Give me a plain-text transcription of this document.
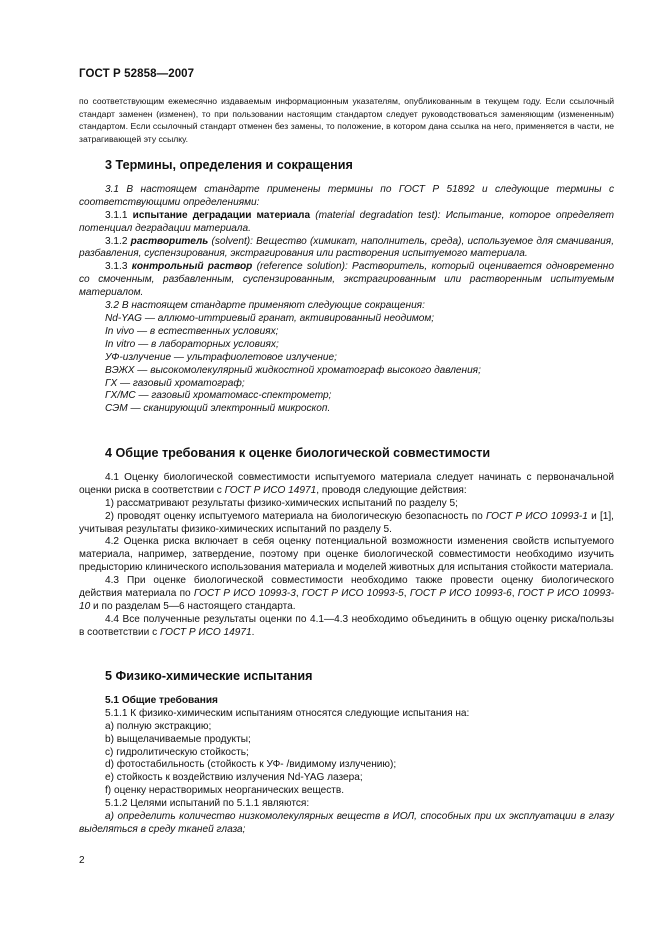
ГОСТ Р 52858—2007
по соответствующим ежемесячно издаваемым информационным указателям, опубликованным в текущем году. Если ссылочный стандарт заменен (изменен), то при пользовании настоящим стандартом следует руководствоваться заменяющим (измененным) стандартом. Если ссылочный стандарт отменен без замены, то положение, в котором дана ссылка на него, применяется в части, не затрагивающей эту ссылку.
3 Термины, определения и сокращения

3.1 В настоящем стандарте применены термины по ГОСТ Р 51892 и следующие термины с соответствующими определениями:

3.1.1 испытание деградации материала (material degradation test): Испытание, которое определяет потенциал деградации материала.

3.1.2 растворитель (solvent): Вещество (химикат, наполнитель, среда), используемое для смачивания, разбавления, суспензирования, экстрагирования или растворения испытуемого материала.

3.1.3 контрольный раствор (reference solution): Растворитель, который оценивается одновременно со смоченным, разбавленным, суспензированным, экстрагированным или растворенным испытуемым материалом.

3.2 В настоящем стандарте применяют следующие сокращения:

Nd-YAG — аллюмо-иттриевый гранат, активированный неодимом;

In vivo — в естественных условиях;

In vitro — в лабораторных условиях;

УФ-излучение — ультрафиолетовое излучение;

ВЭЖХ — высокомолекулярный жидкостной хроматограф высокого давления;

ГХ — газовый хроматограф;

ГХ/МС — газовый хроматомасс-спектрометр;

СЭМ — сканирующий электронный микроскоп.

4 Общие требования к оценке биологической совместимости

4.1 Оценку биологической совместимости испытуемого материала следует начинать с первоначальной оценки риска в соответствии с ГОСТ Р ИСО 14971, проводя следующие действия:

1) рассматривают результаты физико-химических испытаний по разделу 5;

2) проводят оценку испытуемого материала на биологическую безопасность по ГОСТ Р ИСО 10993-1 и [1], учитывая результаты физико-химических испытаний по разделу 5.

4.2 Оценка риска включает в себя оценку потенциальной возможности изменения свойств испытуемого материала, например, затвердение, поэтому при оценке биологической совместимости необходимо изучить предысторию клинического использования материала и моделей животных для испытания стойкости материала.

4.3 При оценке биологической совместимости необходимо также провести оценку биологического действия материала по ГОСТ Р ИСО 10993-3, ГОСТ Р ИСО 10993-5, ГОСТ Р ИСО 10993-6, ГОСТ Р ИСО 10993-10 и по разделам 5—6 настоящего стандарта.

4.4 Все полученные результаты оценки по 4.1—4.3 необходимо объединить в общую оценку риска/пользы в соответствии с ГОСТ Р ИСО 14971.

5 Физико-химические испытания

5.1 Общие требования

5.1.1 К физико-химическим испытаниям относятся следующие испытания на:

a) полную экстракцию;

b) выщелачиваемые продукты;

c) гидролитическую стойкость;

d) фотостабильность (стойкость к УФ- /видимому излучению);

e) стойкость к воздействию излучения Nd-YAG лазера;

f) оценку нерастворимых неорганических веществ.

5.1.2 Целями испытаний по 5.1.1 являются:

а) определить количество низкомолекулярных веществ в ИОЛ, способных при их эксплуатации в глазу выделяться в среду тканей глаза;

2
